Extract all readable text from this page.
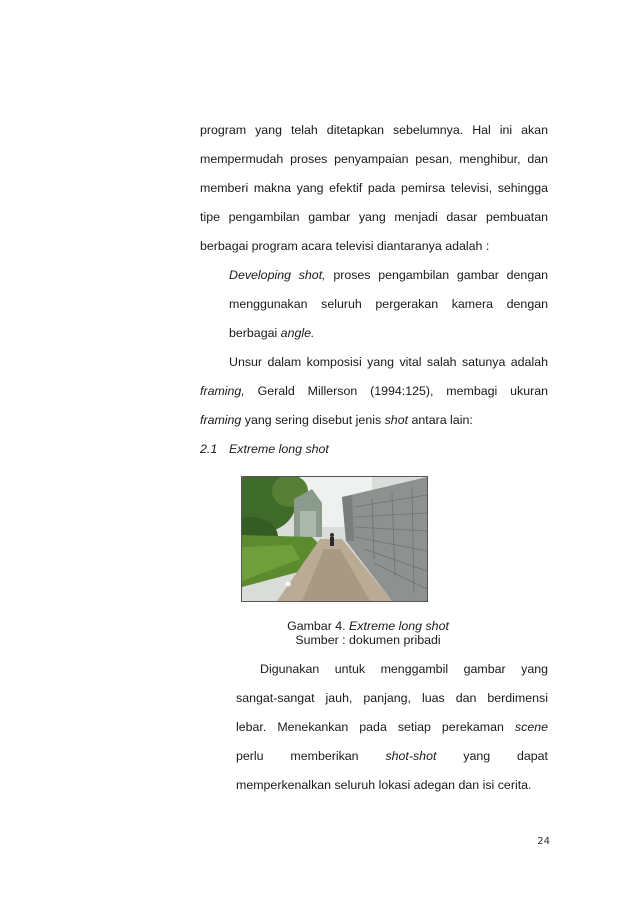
program yang telah ditetapkan sebelumnya. Hal ini akan
mempermudah proses penyampaian pesan, menghibur, dan
memberi makna yang efektif pada pemirsa televisi, sehingga
tipe pengambilan gambar yang menjadi dasar pembuatan
berbagai program acara televisi diantaranya adalah :
Developing shot, proses pengambilan gambar dengan
menggunakan seluruh pergerakan kamera dengan
berbagai angle.
Unsur dalam komposisi yang vital salah satunya adalah
framing, Gerald Millerson (1994:125), membagi ukuran
framing yang sering disebut jenis shot antara lain:
2.1 Extreme long shot
Gambar 4. Extreme long shot
Sumber : dokumen pribadi
Digunakan untuk menggambil gambar yang
sangat-sangat jauh, panjang, luas dan berdimensi
lebar. Menekankan pada setiap perekaman scene
perlu memberikan shot-shot yang dapat
memperkenalkan seluruh lokasi adegan dan isi cerita.
24
